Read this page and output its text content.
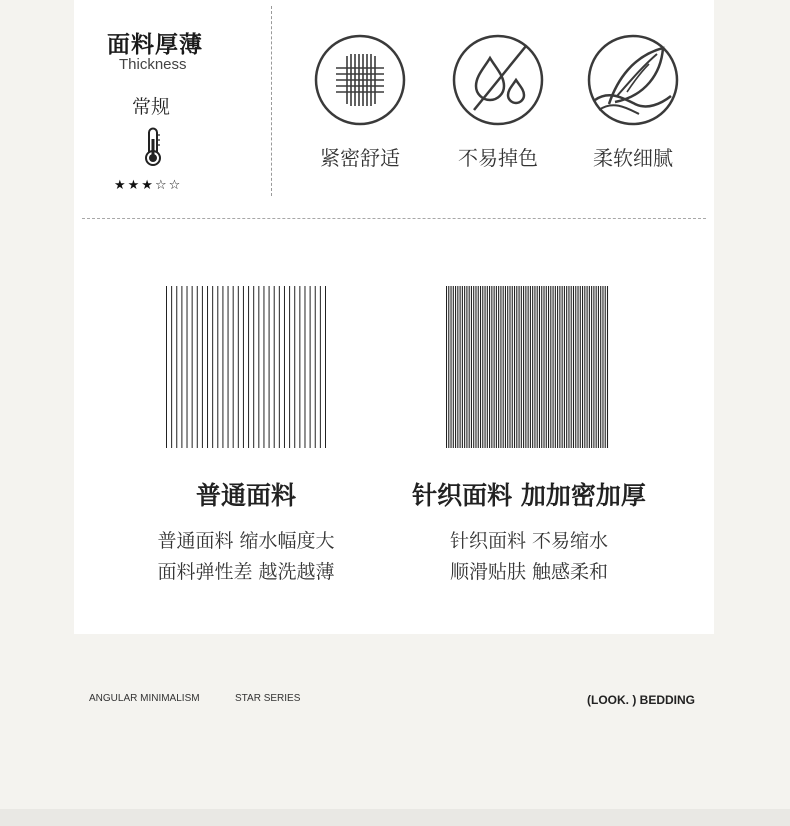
面料厚薄
Thickness
常规
★★★☆☆
紧密舒适	不易掉色	柔软细腻
普通面料
普通面料 缩水幅度大
面料弹性差 越洗越薄
针织面料 加加密加厚
针织面料 不易缩水
顺滑贴肤 触感柔和
ANGULAR MINIMALISM	STAR SERIES	(LOOK. ) BEDDING
